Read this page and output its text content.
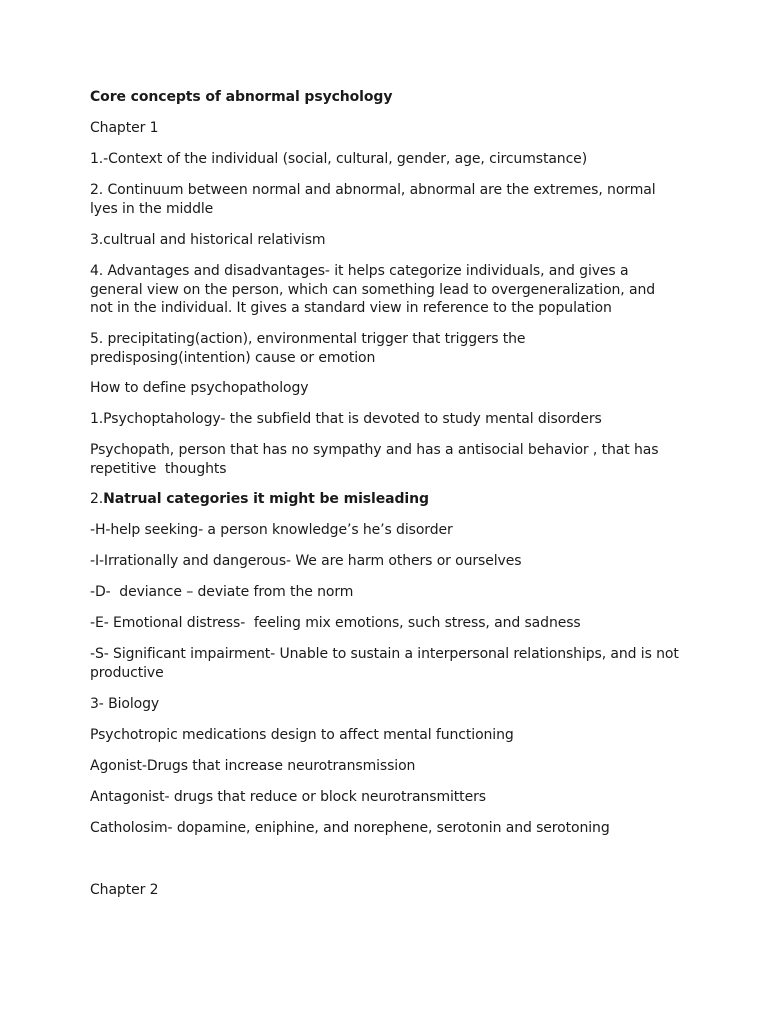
Core concepts of abnormal psychology

Chapter 1

1.-Context of the individual (social, cultural, gender, age, circumstance)

2. Continuum between normal and abnormal, abnormal are the extremes, normal lyes in the middle

3.cultrual and historical relativism

4. Advantages and disadvantages- it helps categorize individuals, and gives a general view on the person, which can something lead to overgeneralization, and not in the individual. It gives a standard view in reference to the population

5. precipitating(action), environmental trigger that triggers the predisposing(intention) cause or emotion

How to define psychopathology

1.Psychoptahology- the subfield that is devoted to study mental disorders

Psychopath, person that has no sympathy and has a antisocial behavior , that has repetitive  thoughts

2.Natrual categories it might be misleading

-H-help seeking- a person knowledge’s he’s disorder

-I-Irrationally and dangerous- We are harm others or ourselves

-D-  deviance – deviate from the norm

-E- Emotional distress-  feeling mix emotions, such stress, and sadness

-S- Significant impairment- Unable to sustain a interpersonal relationships, and is not productive

3- Biology

Psychotropic medications design to affect mental functioning

Agonist-Drugs that increase neurotransmission

Antagonist- drugs that reduce or block neurotransmitters

Catholosim- dopamine, eniphine, and norephene, serotonin and serotoning

Chapter 2
